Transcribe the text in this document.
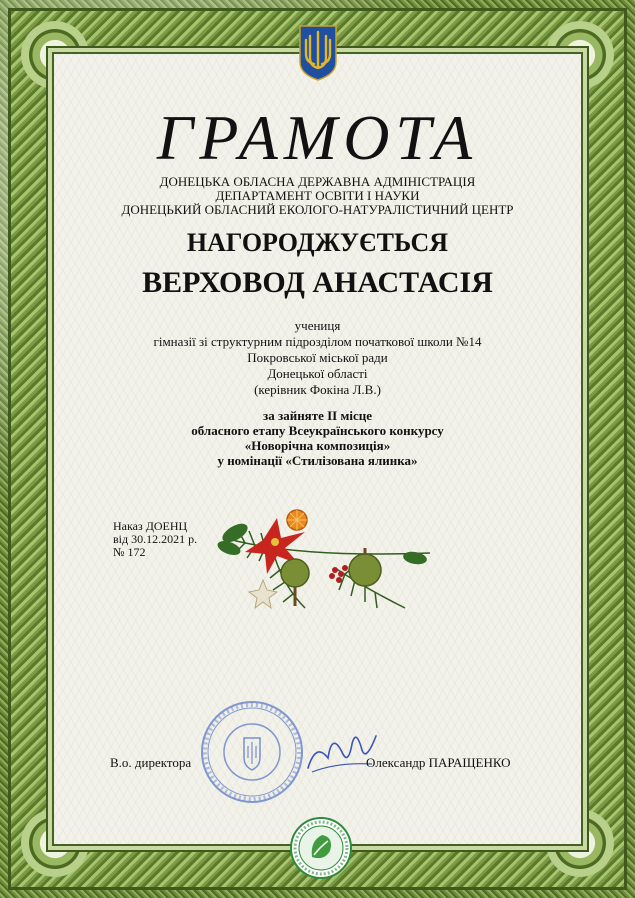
ГРАМОТА
ДОНЕЦЬКА ОБЛАСНА ДЕРЖАВНА АДМІНІСТРАЦІЯ
ДЕПАРТАМЕНТ ОСВІТИ І НАУКИ
ДОНЕЦЬКИЙ ОБЛАСНИЙ ЕКОЛОГО-НАТУРАЛІСТИЧНИЙ ЦЕНТР
НАГОРОДЖУЄТЬСЯ
ВЕРХОВОД АНАСТАСІЯ
учениця
гімназії зі структурним підрозділом початкової школи №14
Покровської міської ради
Донецької області
(керівник Фокіна Л.В.)
за зайняте ІІ місце
обласного етапу Всеукраїнського конкурсу
«Новорічна композиція»
у номінації «Стилізована ялинка»
Наказ ДОЕНЦ
від 30.12.2021 р.
№ 172
В.о. директора	Олександр ПАРАЩЕНКО
